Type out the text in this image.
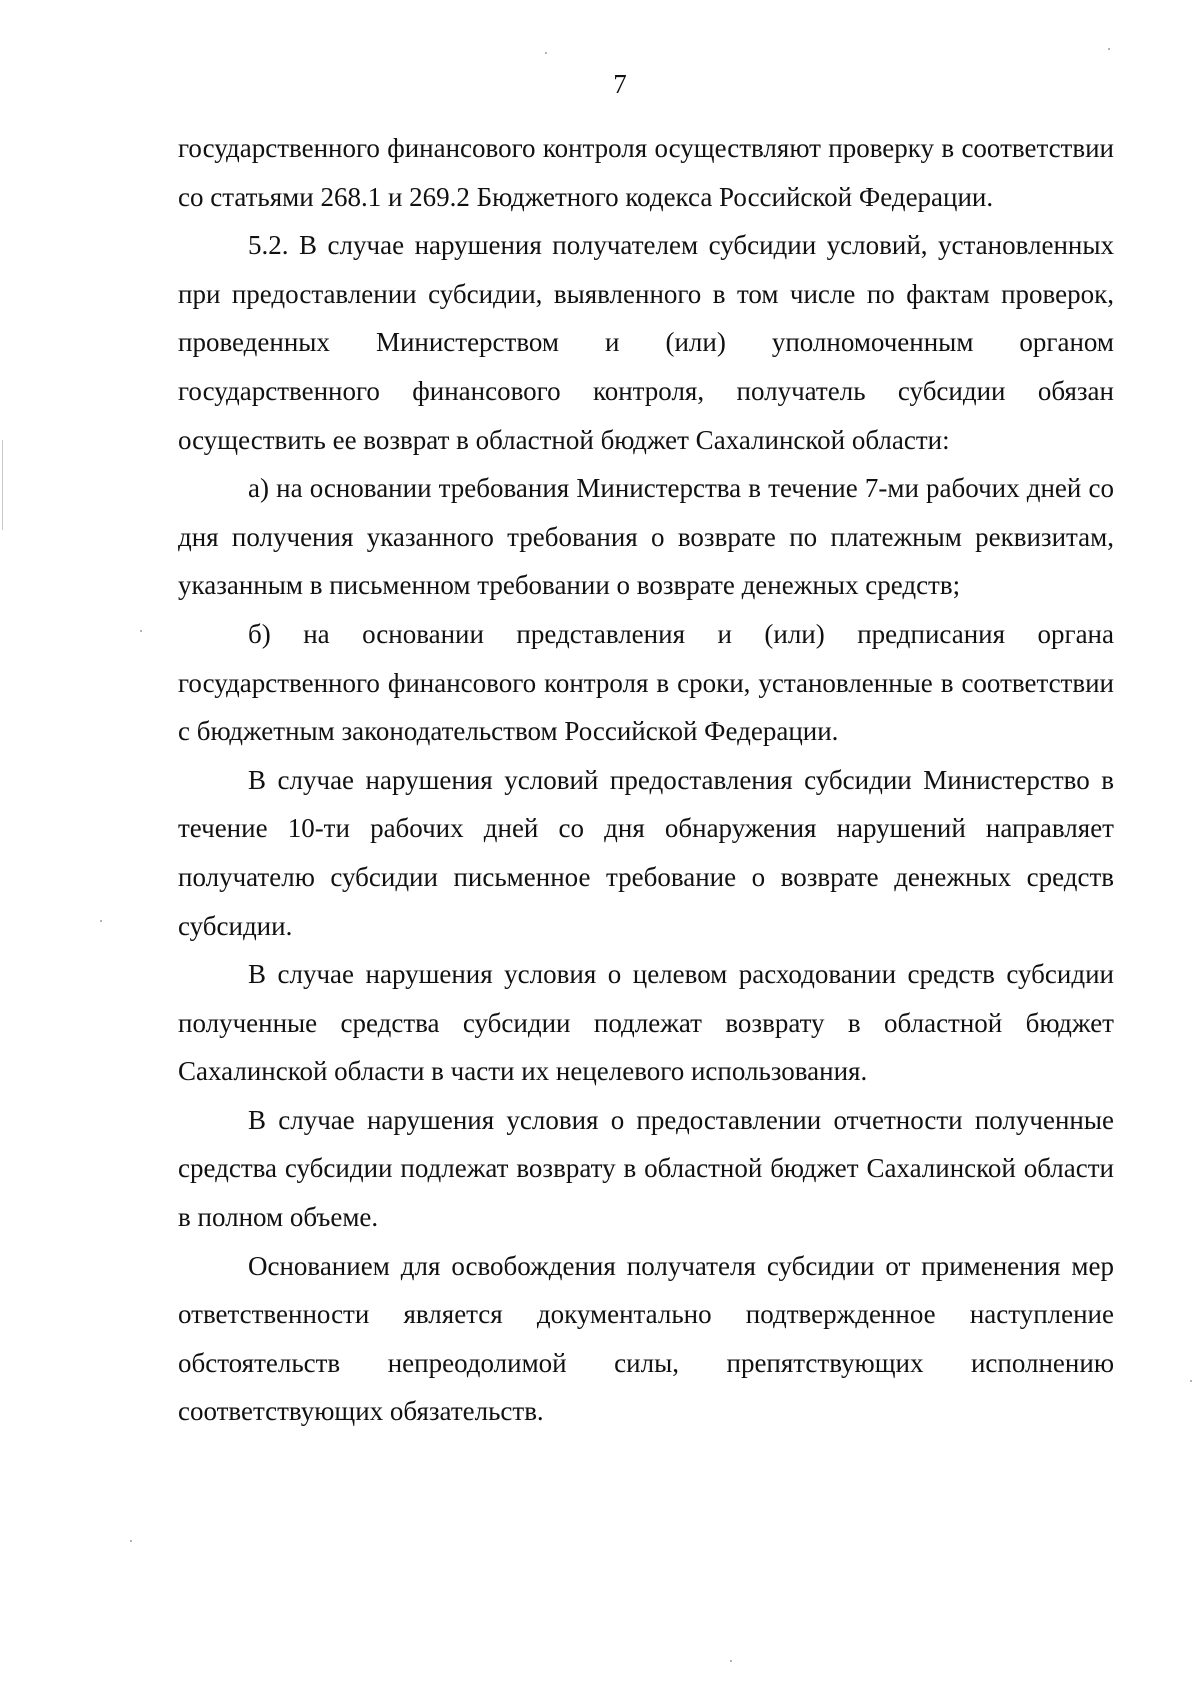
7

государственного финансового контроля осуществляют проверку в соответствии со статьями 268.1 и 269.2 Бюджетного кодекса Российской Федерации.

5.2. В случае нарушения получателем субсидии условий, установленных при предоставлении субсидии, выявленного в том числе по фактам проверок, проведенных Министерством и (или) уполномоченным органом государственного финансового контроля, получатель субсидии обязан осуществить ее возврат в областной бюджет Сахалинской области:

а) на основании требования Министерства в течение 7-ми рабочих дней со дня получения указанного требования о возврате по платежным реквизитам, указанным в письменном требовании о возврате денежных средств;

б) на основании представления и (или) предписания органа государственного финансового контроля в сроки, установленные в соответствии с бюджетным законодательством Российской Федерации.

В случае нарушения условий предоставления субсидии Министерство в течение 10-ти рабочих дней со дня обнаружения нарушений направляет получателю субсидии письменное требование о возврате денежных средств субсидии.

В случае нарушения условия о целевом расходовании средств субсидии полученные средства субсидии подлежат возврату в областной бюджет Сахалинской области в части их нецелевого использования.

В случае нарушения условия о предоставлении отчетности полученные средства субсидии подлежат возврату в областной бюджет Сахалинской области в полном объеме.

Основанием для освобождения получателя субсидии от применения мер ответственности является документально подтвержденное наступление обстоятельств непреодолимой силы, препятствующих исполнению соответствующих обязательств.
